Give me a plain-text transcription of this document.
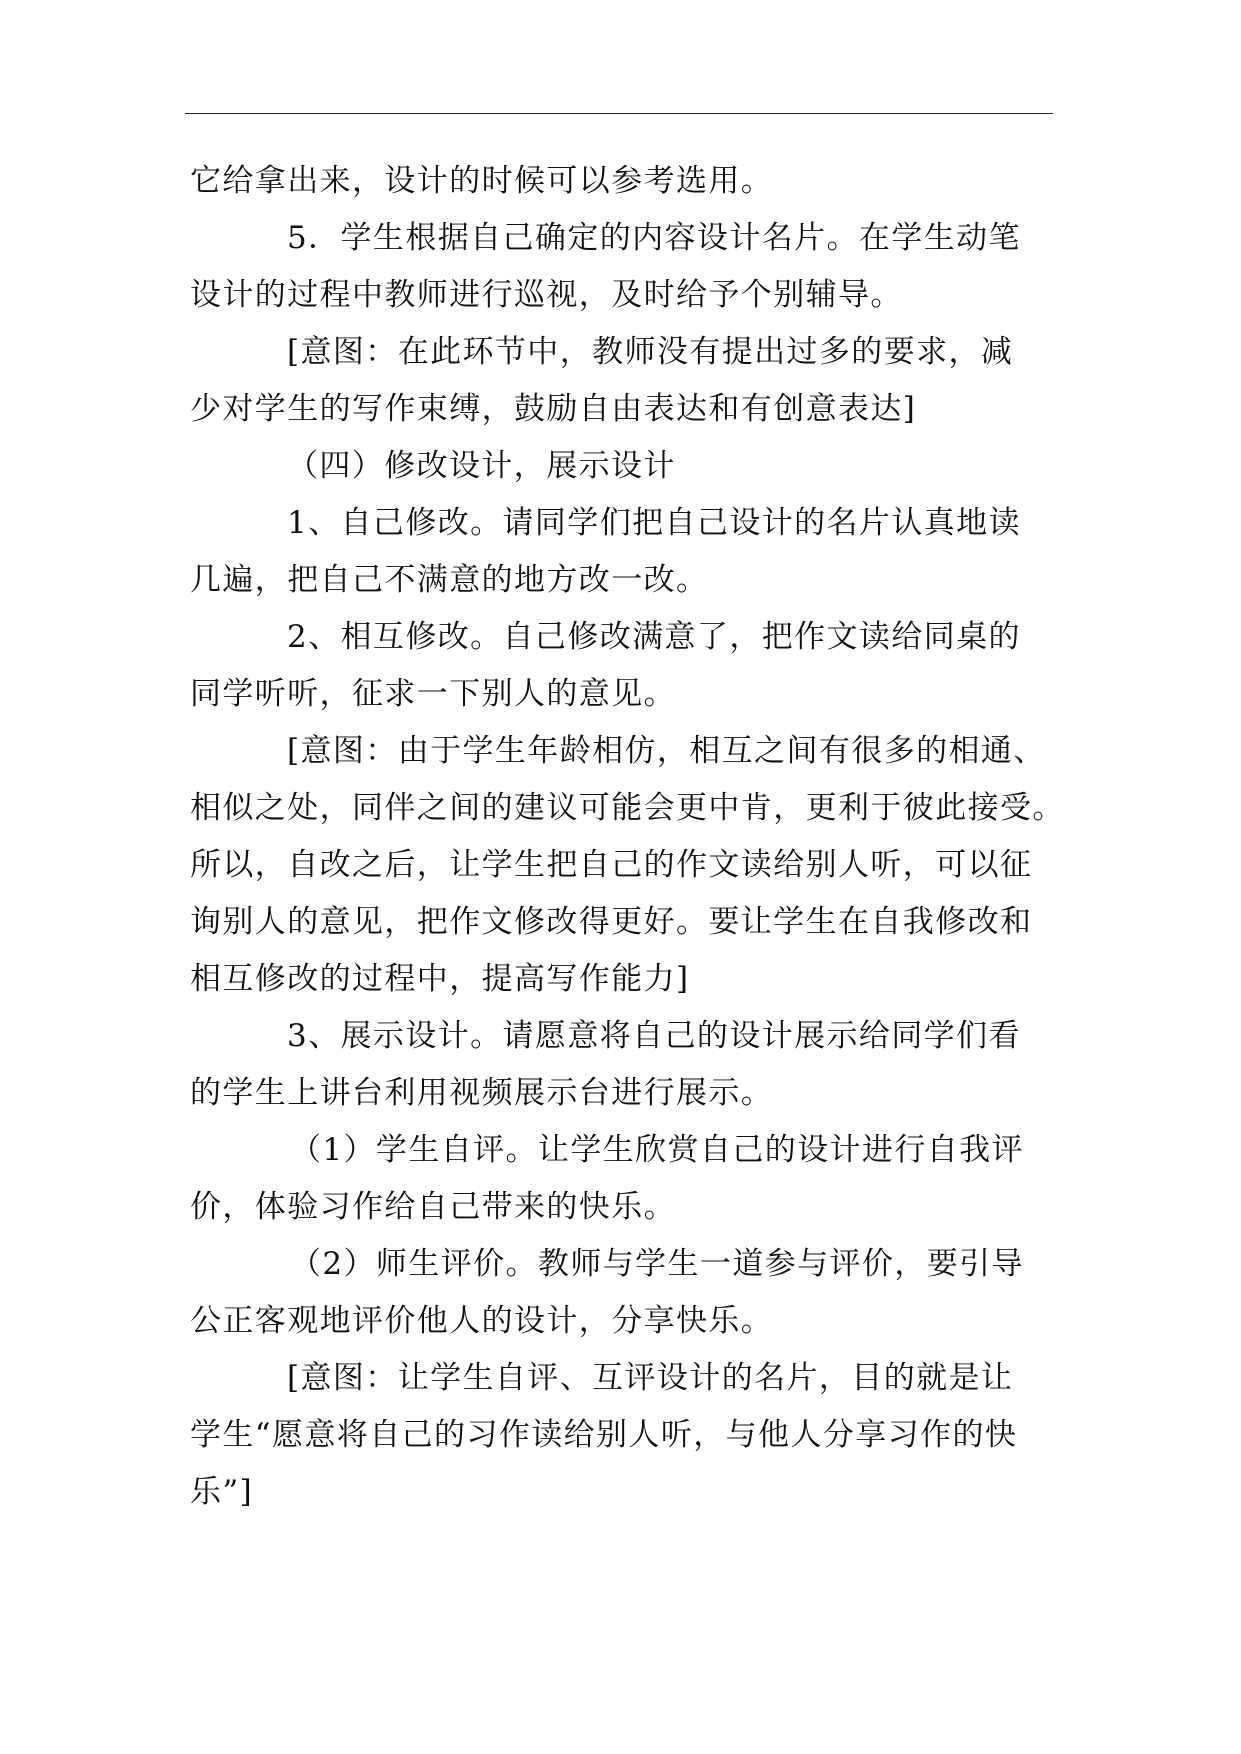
它给拿出来，设计的时候可以参考选用。

5．学生根据自己确定的内容设计名片。在学生动笔
设计的过程中教师进行巡视，及时给予个别辅导。

[意图：在此环节中，教师没有提出过多的要求，减
少对学生的写作束缚，鼓励自由表达和有创意表达]

（四）修改设计，展示设计

1、自己修改。请同学们把自己设计的名片认真地读
几遍，把自己不满意的地方改一改。

2、相互修改。自己修改满意了，把作文读给同桌的
同学听听，征求一下别人的意见。

[意图：由于学生年龄相仿，相互之间有很多的相通、
相似之处，同伴之间的建议可能会更中肯，更利于彼此接受。
所以，自改之后，让学生把自己的作文读给别人听，可以征
询别人的意见，把作文修改得更好。要让学生在自我修改和
相互修改的过程中，提高写作能力]

3、展示设计。请愿意将自己的设计展示给同学们看
的学生上讲台利用视频展示台进行展示。

（1）学生自评。让学生欣赏自己的设计进行自我评
价，体验习作给自己带来的快乐。

（2）师生评价。教师与学生一道参与评价，要引导
公正客观地评价他人的设计，分享快乐。

[意图：让学生自评、互评设计的名片，目的就是让
学生“愿意将自己的习作读给别人听，与他人分享习作的快
乐”]
